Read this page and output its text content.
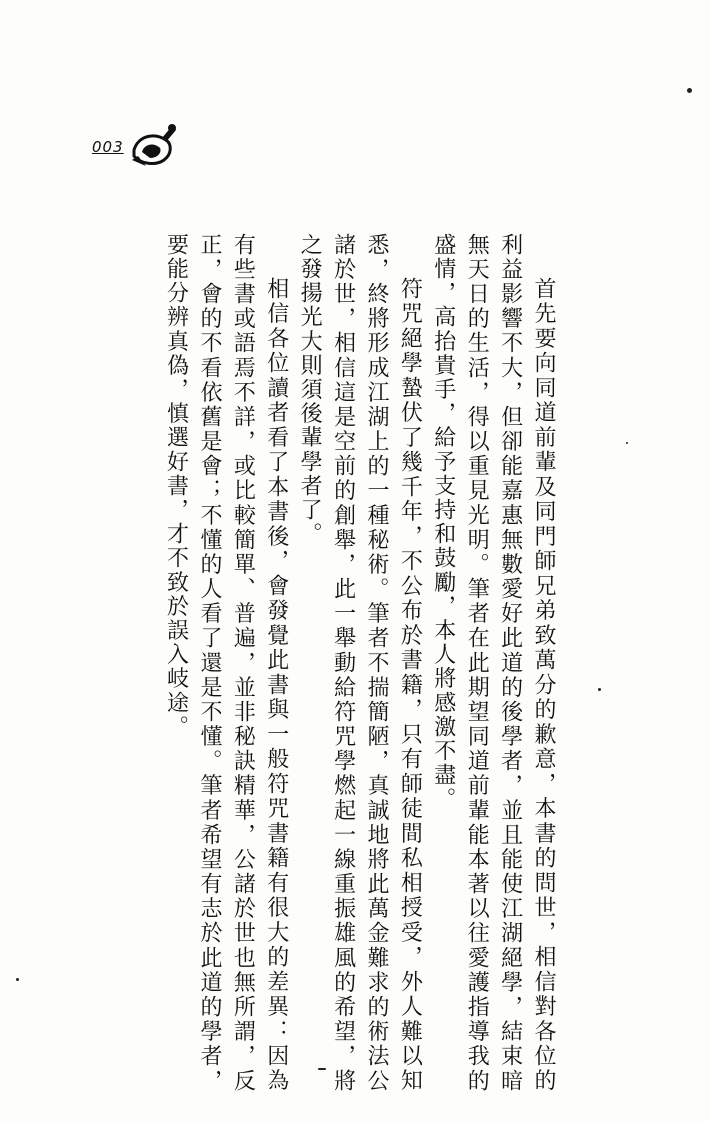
003

首先要向同道前輩及同門師兄弟致萬分的歉意，本書的問世，相信對各位的利益影響不大，但卻能嘉惠無數愛好此道的後學者，並且能使江湖絕學，結束暗無天日的生活，得以重見光明。筆者在此期望同道前輩能本著以往愛護指導我的盛情，高抬貴手，給予支持和鼓勵，本人將感激不盡。

符咒絕學蟄伏了幾千年，不公布於書籍，只有師徒間私相授受，外人難以知悉，終將形成江湖上的一種秘術。筆者不揣簡陋，真誠地將此萬金難求的術法公諸於世，相信這是空前的創舉，此一舉動給符咒學燃起一線重振雄風的希望，將之發揚光大則須後輩學者了。

相信各位讀者看了本書後，會發覺此書與一般符咒書籍有很大的差異：因為有些書或語焉不詳，或比較簡單、普遍，並非秘訣精華，公諸於世也無所謂，反正，會的不看依舊是會；不懂的人看了還是不懂。筆者希望有志於此道的學者，要能分辨真偽，慎選好書，才不致於誤入岐途。
